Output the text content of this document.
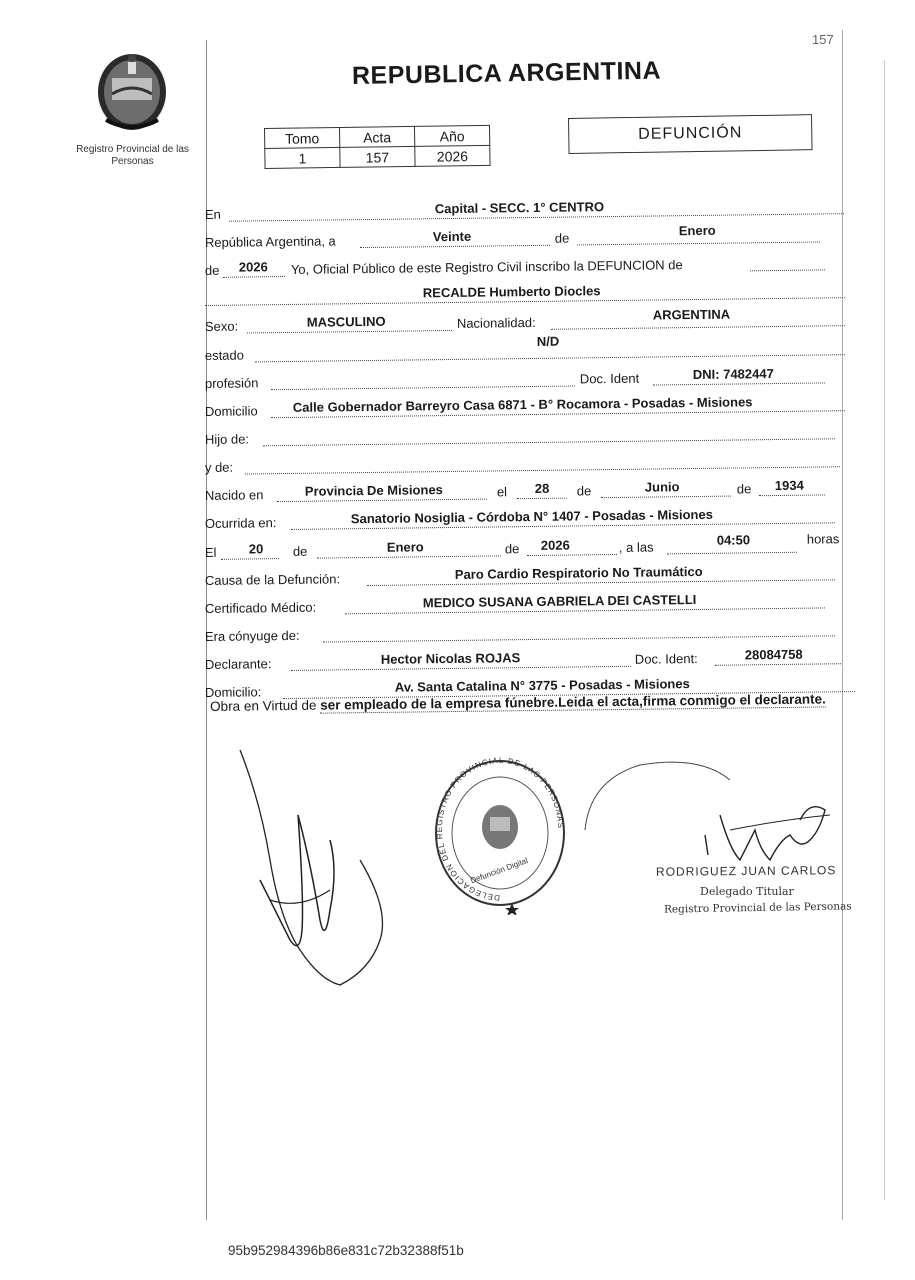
157
Registro Provincial de las Personas
REPUBLICA ARGENTINA
Tomo	Acta	Año
1	157	2026
DEFUNCIÓN
En	Capital - SECC. 1° CENTRO
República Argentina, a	Veinte	de	Enero
de 2026 Yo, Oficial Público de este Registro Civil inscribo la DEFUNCION de
RECALDE Humberto Diocles
Sexo:	MASCULINO	Nacionalidad:
ARGENTINA
estado
N/D
profesión	Doc. Ident	DNI: 7482447
Domicilio	Calle Gobernador Barreyro Casa 6871 - B° Rocamora - Posadas - Misiones
Hijo de:
y de:
Nacido en	Provincia De Misiones	el 28 de	Junio	de 1934
Ocurrida en:	Sanatorio Nosiglia - Córdoba N° 1407 - Posadas - Misiones
El 20 de	Enero	de 2026	, a las	04:50	horas
Causa de la Defunción:	Paro Cardio Respiratorio No Traumático
Certificado Médico:	MEDICO SUSANA GABRIELA DEI CASTELLI
Era cónyuge de:
Declarante:	Hector Nicolas ROJAS	Doc. Ident:	28084758
Domicilio:	Av. Santa Catalina N° 3775 - Posadas - Misiones
Obra en Virtud de ser empleado de la empresa fúnebre.Leida el acta,firma conmigo el declarante.
DELEGACION DEL REGISTRO PROVINCIAL DE LAS PERSONAS
Defunción Digital	RODRIGUEZ JUAN CARLOS
Delegado Titular
Registro Provincial de las Personas
95b952984396b86e831c72b32388f51b
